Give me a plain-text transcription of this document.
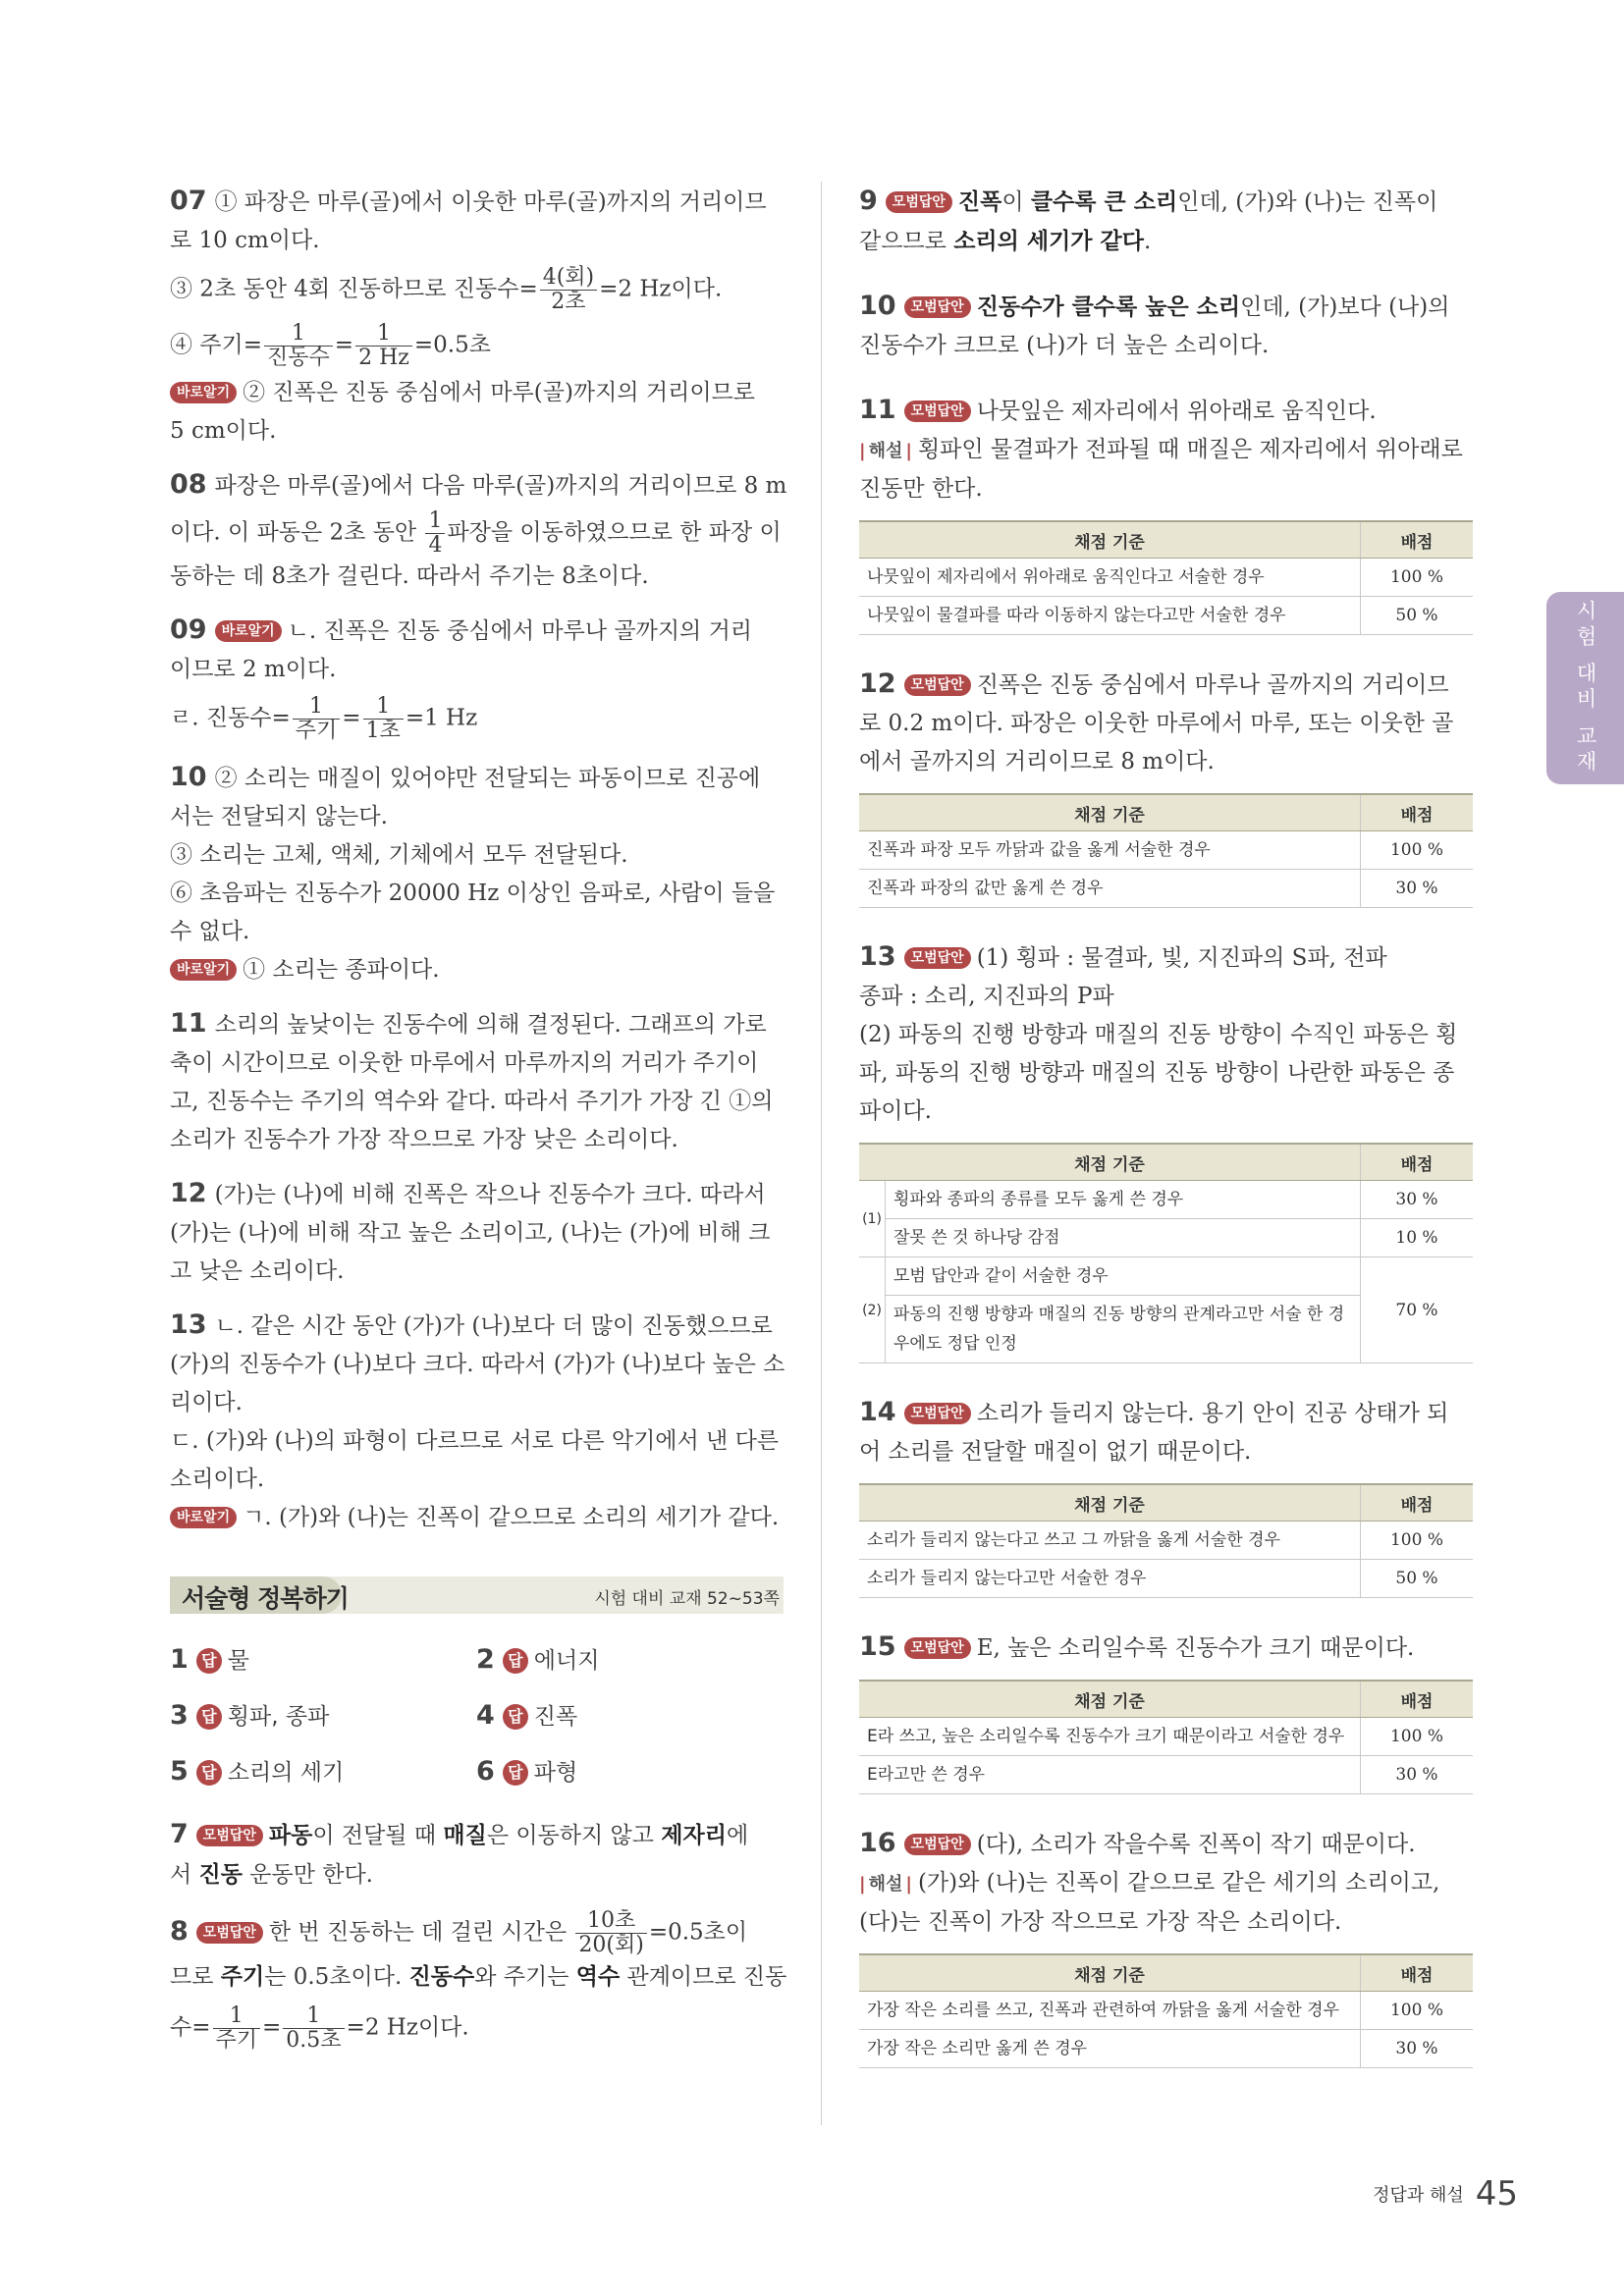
07 ① 파장은 마루(골)에서 이웃한 마루(골)까지의 거리이므
로 10 cm이다.
③ 2초 동안 4회 진동하므로 진동수= $\frac{\text{4(회)}}{\text{2초}} =2$ Hz이다.
④ 주기= $\frac{1}{\text{진동수}} = \frac{1}{2 Hz} =0.5$초
바로알기 ② 진폭은 진동 중심에서 마루(골)까지의 거리이므로
5 cm이다.
08 파장은 마루(골)에서 다음 마루(골)까지의 거리이므로 8 m
이다. 이 파동은 2초 동안 $\frac{1}{4}$ 파장을 이동하였으므로 한 파장 이
동하는 데 8초가 걸린다. 따라서 주기는 8초이다.
09 바로알기 ㄴ. 진폭은 진동 중심에서 마루나 골까지의 거리
이므로 2 m이다.
ㄹ. 진동수= $\frac{1}{\text{주기}} = \frac{1}{\text{1초}} =1$ Hz
10 ② 소리는 매질이 있어야만 전달되는 파동이므로 진공에
서는 전달되지 않는다.
③ 소리는 고체, 액체, 기체에서 모두 전달된다.
⑥ 초음파는 진동수가 20000 Hz 이상인 음파로, 사람이 들을
수 없다.
바로알기 ① 소리는 종파이다.
11 소리의 높낮이는 진동수에 의해 결정된다. 그래프의 가로
축이 시간이므로 이웃한 마루에서 마루까지의 거리가 주기이
고, 진동수는 주기의 역수와 같다. 따라서 주기가 가장 긴 ①의
소리가 진동수가 가장 작으므로 가장 낮은 소리이다.
12 (가)는 (나)에 비해 진폭은 작으나 진동수가 크다. 따라서
(가)는 (나)에 비해 작고 높은 소리이고, (나)는 (가)에 비해 크
고 낮은 소리이다.
13 ㄴ. 같은 시간 동안 (가)가 (나)보다 더 많이 진동했으므로
(가)의 진동수가 (나)보다 크다. 따라서 (가)가 (나)보다 높은 소
리이다.
ㄷ. (가)와 (나)의 파형이 다르므로 서로 다른 악기에서 낸 다른
소리이다.
바로알기 ㄱ. (가)와 (나)는 진폭이 같으므로 소리의 세기가 같다.
서술형 정복하기	시험 대비 교재 52~53쪽
1 답 물	2 답 에너지
3 답 횡파, 종파	4 답 진폭
5 답 소리의 세기	6 답 파형
7 모범답안 파동이 전달될 때 매질은 이동하지 않고 제자리에
서 진동 운동만 한다.
8 모범답안 한 번 진동하는 데 걸린 시간은 $\frac{\text{10초}}{\text{20(회)}} =0.5$초이
므로 주기는 0.5초이다. 진동수와 주기는 역수 관계이므로 진동
수= $\frac{1}{\text{주기}} = \frac{1}{\text{0.5초}} =2$ Hz이다.
9 모범답안 진폭이 클수록 큰 소리인데, (가)와 (나)는 진폭이
같으므로 소리의 세기가 같다.
10 모범답안 진동수가 클수록 높은 소리인데, (가)보다 (나)의
진동수가 크므로 (나)가 더 높은 소리이다.
11 모범답안 나뭇잎은 제자리에서 위아래로 움직인다.
| 해설 | 횡파인 물결파가 전파될 때 매질은 제자리에서 위아래로
진동만 한다.
채점 기준	배점
나뭇잎이 제자리에서 위아래로 움직인다고 서술한 경우	100 %
나뭇잎이 물결파를 따라 이동하지 않는다고만 서술한 경우	50 %
12 모범답안 진폭은 진동 중심에서 마루나 골까지의 거리이므
로 0.2 m이다. 파장은 이웃한 마루에서 마루, 또는 이웃한 골
에서 골까지의 거리이므로 8 m이다.
채점 기준	배점
진폭과 파장 모두 까닭과 값을 옳게 서술한 경우	100 %
진폭과 파장의 값만 옳게 쓴 경우	30 %
13 모범답안 (1) 횡파 : 물결파, 빛, 지진파의 S파, 전파
종파 : 소리, 지진파의 P파
(2) 파동의 진행 방향과 매질의 진동 방향이 수직인 파동은 횡
파, 파동의 진행 방향과 매질의 진동 방향이 나란한 파동은 종
파이다.
채점 기준		배점
(1)	횡파와 종파의 종류를 모두 옳게 쓴 경우	30 %
	잘못 쓴 것 하나당 감점	10 %
(2)	모범 답안과 같이 서술한 경우	70 %
	파동의 진행 방향과 매질의 진동 방향의 관계라고만 서술 한 경우에도 정답 인정	
14 모범답안 소리가 들리지 않는다. 용기 안이 진공 상태가 되
어 소리를 전달할 매질이 없기 때문이다.
채점 기준	배점
소리가 들리지 않는다고 쓰고 그 까닭을 옳게 서술한 경우	100 %
소리가 들리지 않는다고만 서술한 경우	50 %
15 모범답안 E, 높은 소리일수록 진동수가 크기 때문이다.
채점 기준	배점
E라 쓰고, 높은 소리일수록 진동수가 크기 때문이라고 서술한 경우	100 %
E라고만 쓴 경우	30 %
16 모범답안 (다), 소리가 작을수록 진폭이 작기 때문이다.
| 해설 | (가)와 (나)는 진폭이 같으므로 같은 세기의 소리이고,
(다)는 진폭이 가장 작으므로 가장 작은 소리이다.
채점 기준	배점
가장 작은 소리를 쓰고, 진폭과 관련하여 까닭을 옳게 서술한 경우	100 %
가장 작은 소리만 옳게 쓴 경우	30 %
시험 대비 교재
정답과 해설 45
